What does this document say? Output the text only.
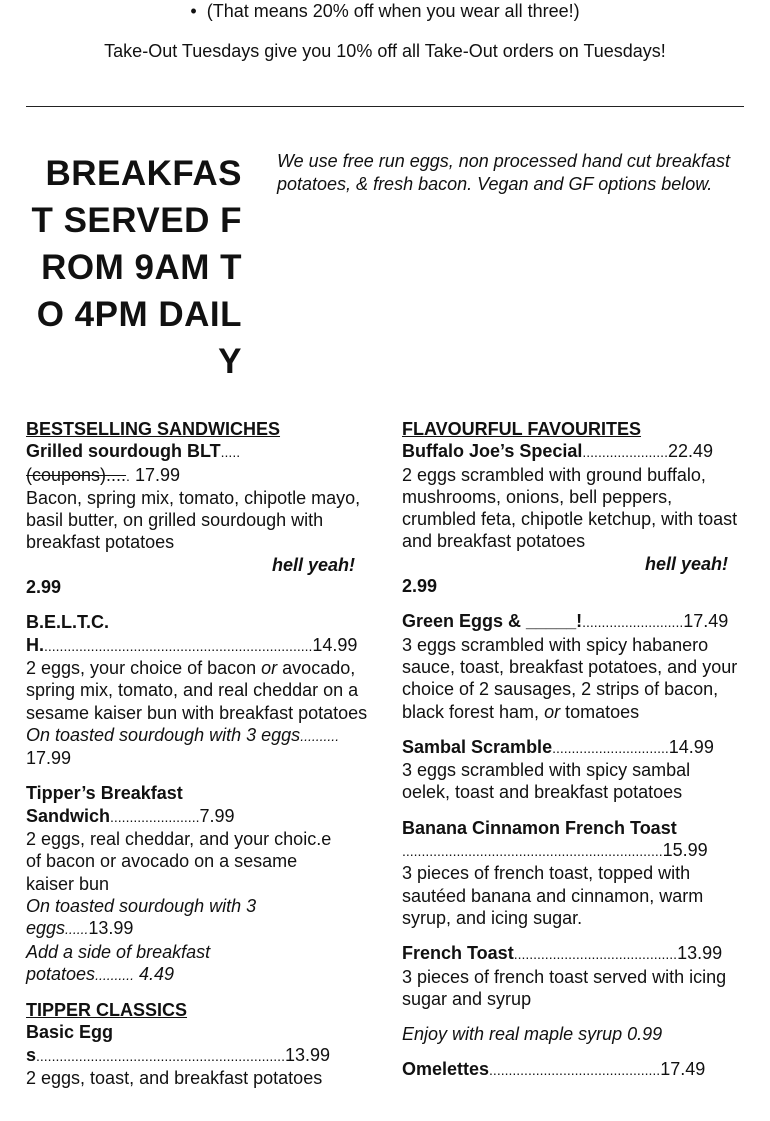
• (That means 20% off when you wear all three!)
Take-Out Tuesdays give you 10% off all Take-Out orders on Tuesdays!
BREAKFAST SERVED FROM 9AM TO 4PM DAILY
We use free run eggs, non processed hand cut breakfast potatoes, & fresh bacon. Vegan and GF options below.
BESTSELLING SANDWICHES
Grilled sourdough BLT.....
(coupons)..... 17.99
Bacon, spring mix, tomato, chipotle mayo, basil butter, on grilled sourdough with breakfast potatoes
hell yeah!
2.99
B.E.L.T.C.H......................................................................14.99
2 eggs, your choice of bacon or avocado, spring mix, tomato, and real cheddar on a sesame kaiser bun with breakfast potatoes
On toasted sourdough with 3 eggs..........17.99
Tipper’s Breakfast Sandwich.......................7.99
2 eggs, real cheddar, and your choic.e of bacon or avocado on a sesame kaiser bun
On toasted sourdough with 3 eggs......13.99
Add a side of breakfast potatoes.......... 4.49
TIPPER CLASSICS
Basic Eggs................................................................13.99
2 eggs, toast, and breakfast potatoes
FLAVOURFUL FAVOURITES
Buffalo Joe’s Special......................22.49
2 eggs scrambled with ground buffalo, mushrooms, onions, bell peppers, crumbled feta, chipotle ketchup, with toast and breakfast potatoes
hell yeah!
2.99
Green Eggs & _____!..........................17.49
3 eggs scrambled with spicy habanero sauce, toast, breakfast potatoes, and your choice of 2 sausages, 2 strips of bacon, black forest ham, or tomatoes
Sambal Scramble..............................14.99
3 eggs scrambled with spicy sambal oelek, toast and breakfast potatoes
Banana Cinnamon French Toast
...................................................................15.99
3 pieces of french toast, topped with sautéed banana and cinnamon, warm syrup, and icing sugar.
French Toast..........................................13.99
3 pieces of french toast served with icing sugar and syrup
Enjoy with real maple syrup 0.99
Omelettes............................................17.49
